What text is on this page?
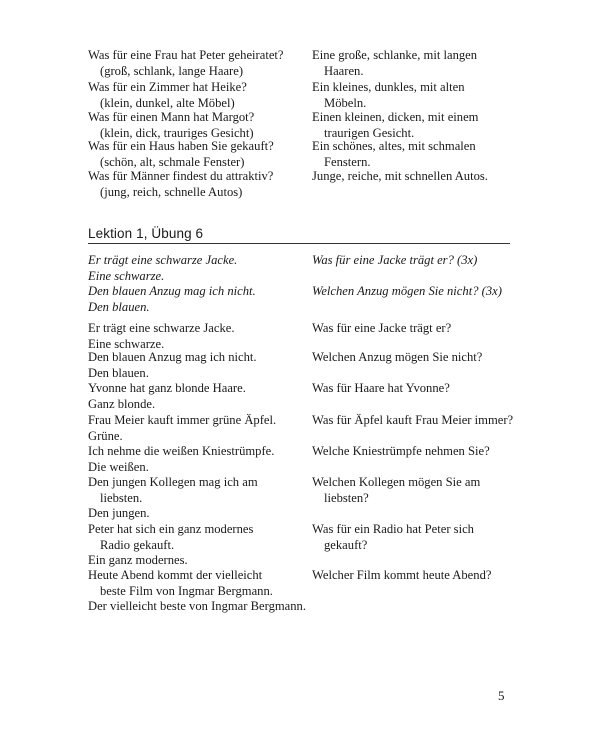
Was für eine Frau hat Peter geheiratet?
(groß, schlank, lange Haare)
Eine große, schlanke, mit langen
Haaren.
Was für ein Zimmer hat Heike?
(klein, dunkel, alte Möbel)
Ein kleines, dunkles, mit alten
Möbeln.
Was für einen Mann hat Margot?
(klein, dick, trauriges Gesicht)
Einen kleinen, dicken, mit einem
traurigen Gesicht.
Was für ein Haus haben Sie gekauft?
(schön, alt, schmale Fenster)
Ein schönes, altes, mit schmalen
Fenstern.
Was für Männer findest du attraktiv?
(jung, reich, schnelle Autos)
Junge, reiche, mit schnellen Autos.
Lektion 1, Übung 6
Er trägt eine schwarze Jacke.
Eine schwarze.
Was für eine Jacke trägt er? (3x)
Den blauen Anzug mag ich nicht.
Den blauen.
Welchen Anzug mögen Sie nicht? (3x)
Er trägt eine schwarze Jacke.
Eine schwarze.
Was für eine Jacke trägt er?
Den blauen Anzug mag ich nicht.
Den blauen.
Welchen Anzug mögen Sie nicht?
Yvonne hat ganz blonde Haare.
Ganz blonde.
Was für Haare hat Yvonne?
Frau Meier kauft immer grüne Äpfel.
Grüne.
Was für Äpfel kauft Frau Meier immer?
Ich nehme die weißen Kniestrümpfe.
Die weißen.
Welche Kniestrümpfe nehmen Sie?
Den jungen Kollegen mag ich am
liebsten.
Den jungen.
Welchen Kollegen mögen Sie am
liebsten?
Peter hat sich ein ganz modernes
Radio gekauft.
Ein ganz modernes.
Was für ein Radio hat Peter sich
gekauft?
Heute Abend kommt der vielleicht
beste Film von Ingmar Bergmann.
Der vielleicht beste von Ingmar Bergmann.
Welcher Film kommt heute Abend?
5
